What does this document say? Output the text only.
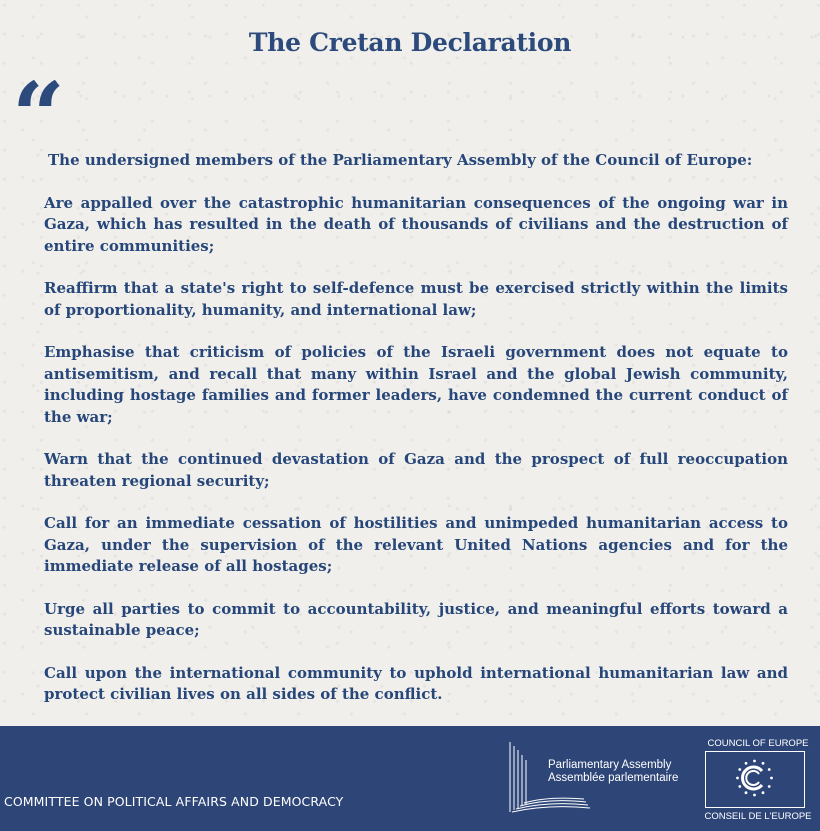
The Cretan Declaration
“

The undersigned members of the Parliamentary Assembly of the Council of Europe:

Are appalled over the catastrophic humanitarian consequences of the ongoing war in Gaza, which has resulted in the death of thousands of civilians and the destruction of entire communities;

Reaffirm that a state's right to self-defence must be exercised strictly within the limits of proportionality, humanity, and international law;

Emphasise that criticism of policies of the Israeli government does not equate to antisemitism, and recall that many within Israel and the global Jewish community, including hostage families and former leaders, have condemned the current conduct of the war;

Warn that the continued devastation of Gaza and the prospect of full reoccupation threaten regional security;

Call for an immediate cessation of hostilities and unimpeded humanitarian access to Gaza, under the supervision of the relevant United Nations agencies and for the immediate release of all hostages;

Urge all parties to commit to accountability, justice, and meaningful efforts toward a sustainable peace;

Call upon the international community to uphold international humanitarian law and protect civilian lives on all sides of the conflict.

COMMITTEE ON POLITICAL AFFAIRS AND DEMOCRACY
Parliamentary Assembly
Assemblée parlementaire
COUNCIL OF EUROPE
CONSEIL DE L'EUROPE
